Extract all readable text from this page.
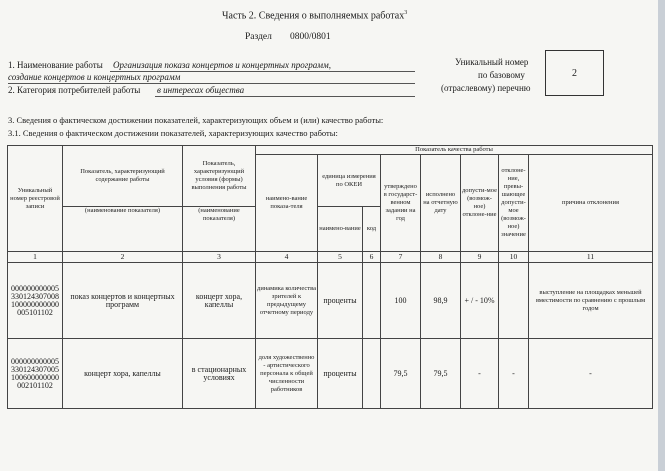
Часть 2. Сведения о выполняемых работах$^3$
Раздел 0800/0801
1. Наименование работы Организация показа концертов и концертных программ,
создание концертов и концертных программ
2. Категория потребителей работы в интересах общества
Уникальный номер
по базовому
(отраслевому) перечню
2
3. Сведения о фактическом достижении показателей, характеризующих объем и (или) качество работы:
3.1. Сведения о фактическом достижении показателей, характеризующих качество работы:
Уникальный номер реестровой записи	Показатель, характеризующий содержание работы	Показатель, характеризующий условия (формы) выполнения работы	Показатель качества работы							
			наимено-вание показа-теля	единица измерения по ОКЕИ		утверждено в государст-венном задании на год	исполнено на отчетную дату	допусти-мое (возмож-ное) отклоне-ние	отклоне-ние, превы-шающее допусти-мое (возмож-ное) значение	причина отклонения
	(наименование показателя)	(наименование показателя)		наимено-вание	код					
1	2	3	4	5	6	7	8	9	10	11
000000000005 330124307008 100000000000 005101102	показ концертов и концертных программ	концерт хора, капеллы	динамика количества зрителей к предыдущему отчетному периоду	проценты		100	98,9	+ / - 10%		выступление на площадках меньшей вместимости по сравнению с прошлым годом
000000000005 330124307005 100600000000 002101102	концерт хора, капеллы	в стационарных условиях	доля художественно - артистического персонала к общей численности работников	проценты		79,5	79,5	-	-	-
